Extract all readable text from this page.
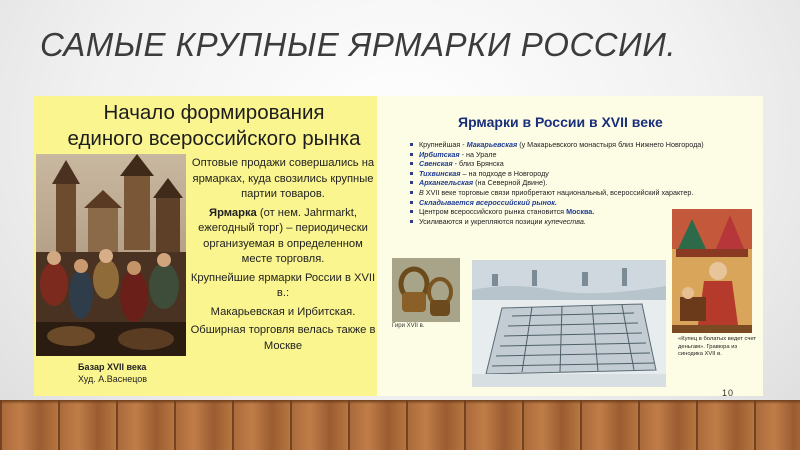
САМЫЕ КРУПНЫЕ ЯРМАРКИ РОССИИ.
Начало формирования
единого всероссийского рынка
Базар XVII века
Худ. А.Васнецов

Оптовые продажи совершались на ярмарках, куда свозились крупные партии товаров.

Ярмарка (от нем. Jahrmarkt, ежегодный торг) – периодически организуемая в определенном месте торговля.

Крупнейшие ярмарки России в XVII в.:

Макарьевская и Ирбитская.

Обширная торговля велась также в Москве

Ярмарки в России в XVII веке
Крупнейшая - Макарьевская (у Макарьевского монастыря близ Нижнего Новгорода)
Ирбитская - на Урале
Свенская - близ Брянска
Тихвинская – на подходе в Новгороду
Архангельская (на Северной Двине).
В XVII веке торговые связи приобретают национальный, всероссийский характер.
Складывается всероссийский рынок.
Центром всероссийского рынка становится Москва.
Усиливаются и укрепляются позиции купечества.
Гири XVII в.
«Купец в болатых ведет счет деньгам». Гравюра из синодика XVII в.
10
